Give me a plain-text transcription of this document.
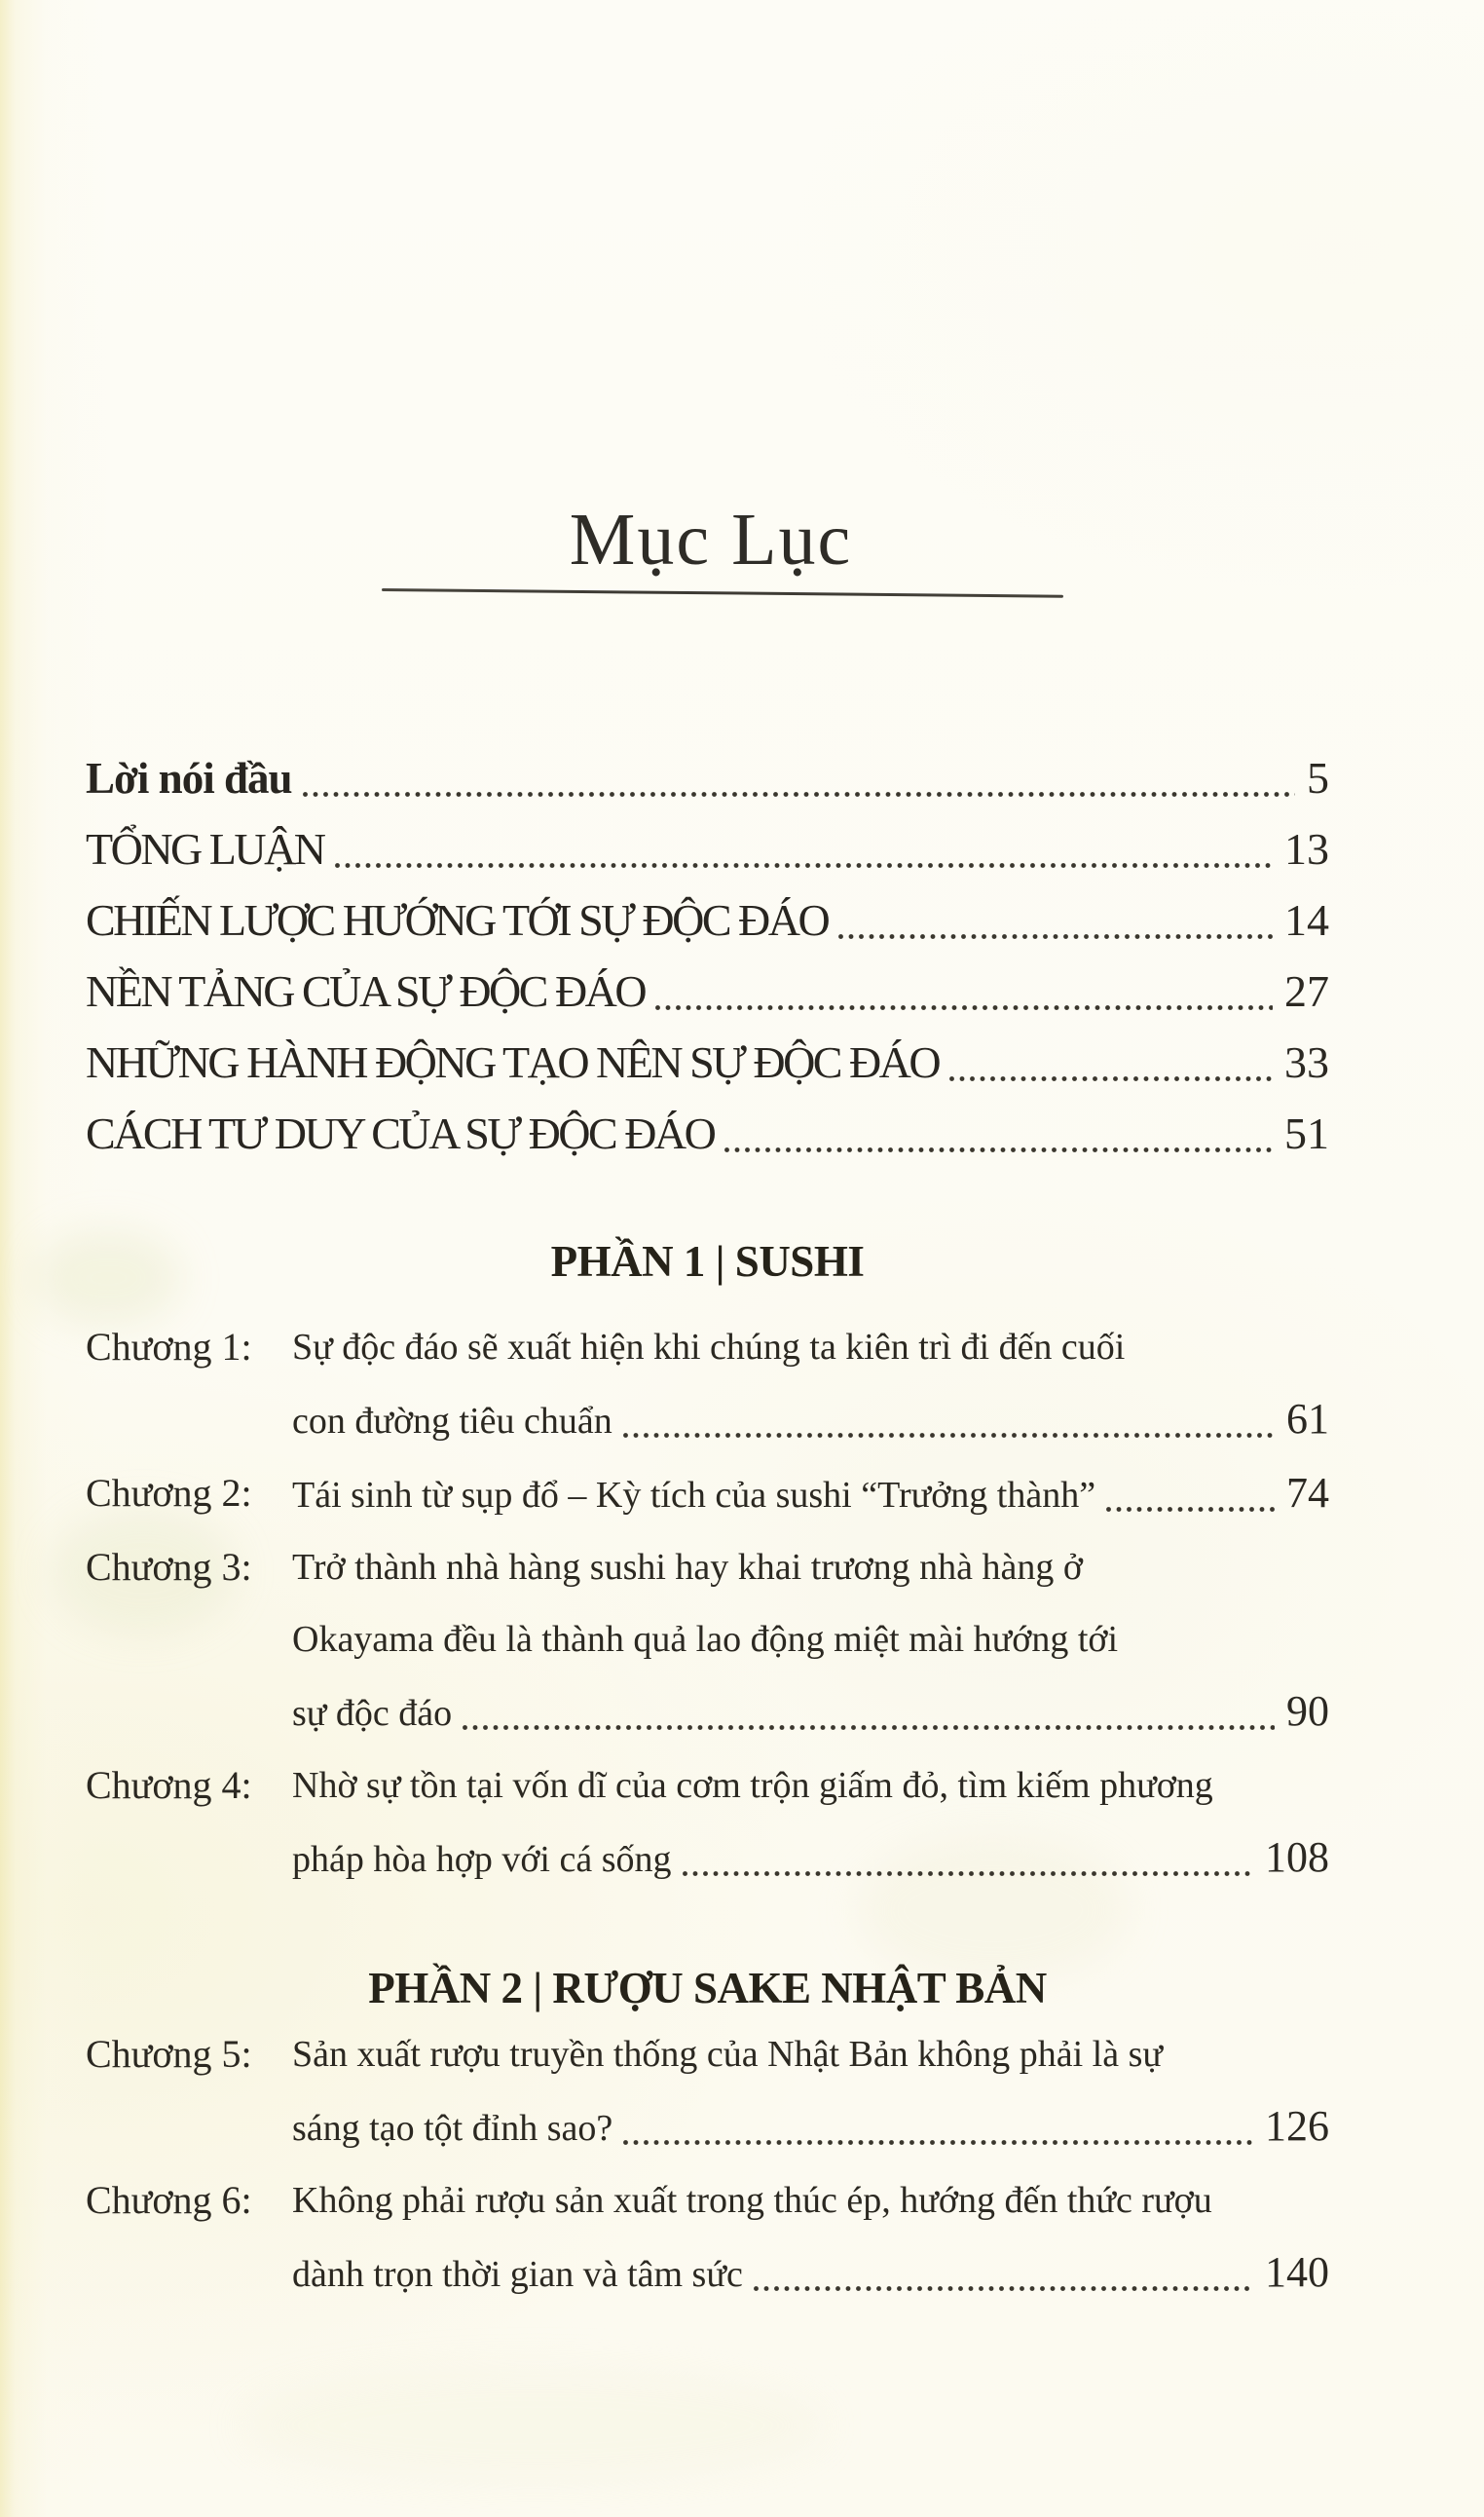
Mục Lục
Lời nói đầu	5
TỔNG LUẬN	13
CHIẾN LƯỢC HƯỚNG TỚI SỰ ĐỘC ĐÁO	14
NỀN TẢNG CỦA SỰ ĐỘC ĐÁO	27
NHỮNG HÀNH ĐỘNG TẠO NÊN SỰ ĐỘC ĐÁO	33
CÁCH TƯ DUY CỦA SỰ ĐỘC ĐÁO	51
PHẦN 1 | SUSHI
Chương 1:	Sự độc đáo sẽ xuất hiện khi chúng ta kiên trì đi đến cuối
con đường tiêu chuẩn	61
Chương 2:	Tái sinh từ sụp đổ – Kỳ tích của sushi “Trưởng thành”	74
Chương 3:	Trở thành nhà hàng sushi hay khai trương nhà hàng ở
Okayama đều là thành quả lao động miệt mài hướng tới
sự độc đáo	90
Chương 4:	Nhờ sự tồn tại vốn dĩ của cơm trộn giấm đỏ, tìm kiếm phương
pháp hòa hợp với cá sống	108
PHẦN 2 | RƯỢU SAKE NHẬT BẢN
Chương 5:	Sản xuất rượu truyền thống của Nhật Bản không phải là sự
sáng tạo tột đỉnh sao?	126
Chương 6:	Không phải rượu sản xuất trong thúc ép, hướng đến thức rượu
dành trọn thời gian và tâm sức	140
